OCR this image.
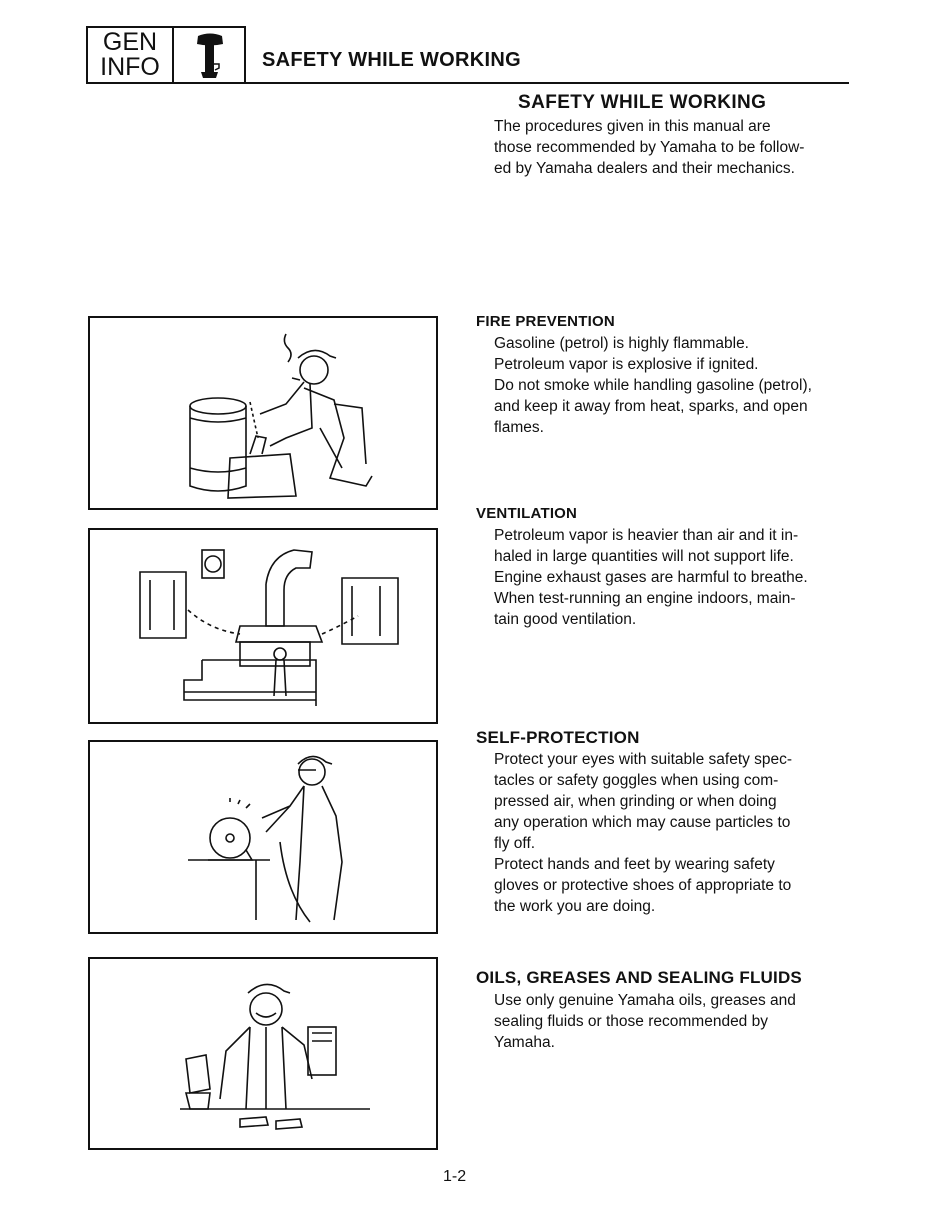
GEN
INFO	SAFETY WHILE WORKING
SAFETY WHILE WORKING
The procedures given in this manual are
those recommended by Yamaha to be follow-
ed by Yamaha dealers and their mechanics.
FIRE PREVENTION
Gasoline (petrol) is highly flammable.
Petroleum vapor is explosive if ignited.
Do not smoke while handling gasoline (petrol),
and keep it away from heat, sparks, and open
flames.
VENTILATION
Petroleum vapor is heavier than air and it in-
haled in large quantities will not support life.
Engine exhaust gases are harmful to breathe.
When test-running an engine indoors, main-
tain good ventilation.
SELF-PROTECTION
Protect your eyes with suitable safety spec-
tacles or safety goggles when using com-
pressed air, when grinding or when doing
any operation which may cause particles to
fly off.
Protect hands and feet by wearing safety
gloves or protective shoes of appropriate to
the work you are doing.
OILS, GREASES AND SEALING FLUIDS
Use only genuine Yamaha oils, greases and
sealing fluids or those recommended by
Yamaha.
1-2
